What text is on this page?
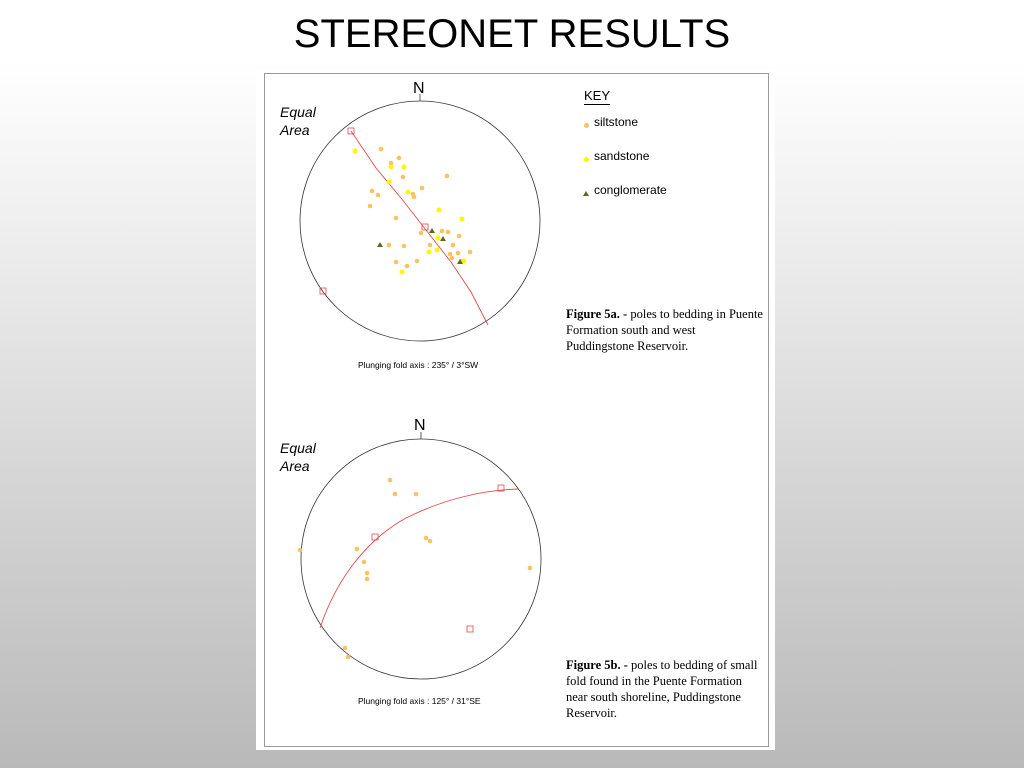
STEREONET RESULTS
N
Equal
Area
Plunging fold axis : 235° / 3°SW
KEY
siltstone
sandstone
conglomerate
Figure 5a. - poles to bedding in Puente Formation south and west Puddingstone Reservoir.
N
Equal
Area
Plunging fold axis : 125° / 31°SE
Figure 5b. - poles to bedding of small fold found in the Puente Formation near south shoreline, Puddingstone Reservoir.
